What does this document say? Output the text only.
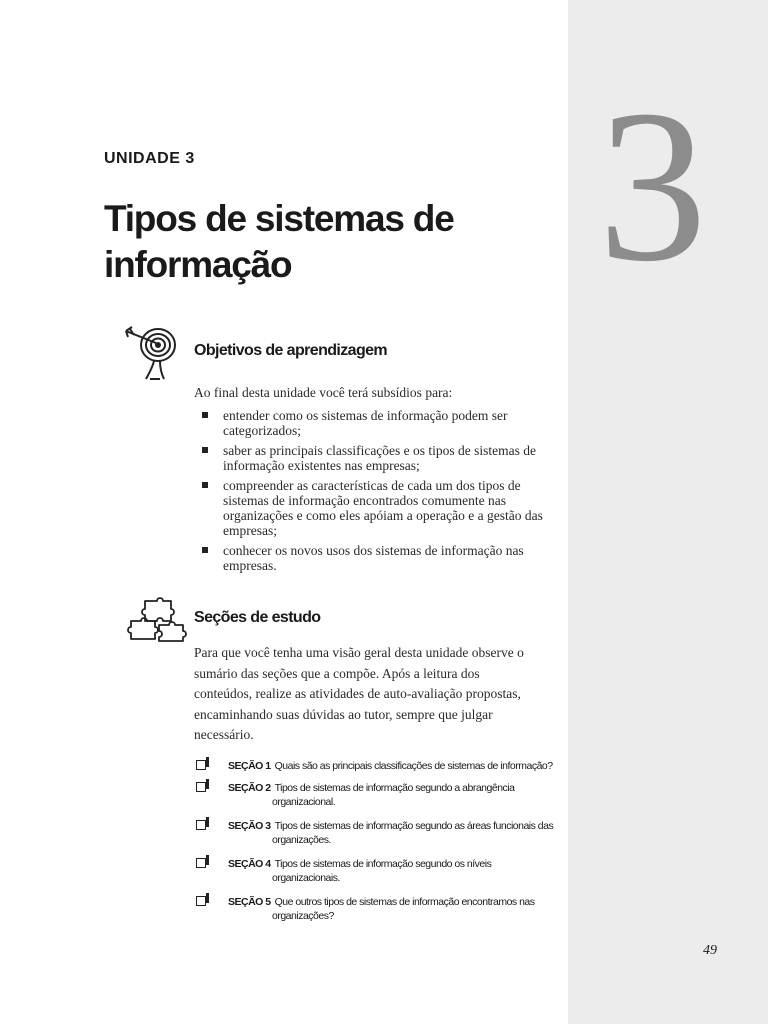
3
UNIDADE 3
Tipos de sistemas de informação
Objetivos de aprendizagem
Ao final desta unidade você terá subsídios para:
entender como os sistemas de informação podem ser categorizados;
saber as principais classificações e os tipos de sistemas de informação existentes nas empresas;
compreender as características de cada um dos tipos de sistemas de informação encontrados comumente nas organizações e como eles apóiam a operação e a gestão das empresas;
conhecer os novos usos dos sistemas de informação nas empresas.
Seções de estudo
Para que você tenha uma visão geral desta unidade observe o sumário das seções que a compõe. Após a leitura dos conteúdos, realize as atividades de auto-avaliação propostas, encaminhando suas dúvidas ao tutor, sempre que julgar necessário.
SEÇÃO 1 Quais são as principais classificações de sistemas de informação?
SEÇÃO 2 Tipos de sistemas de informação segundo a abrangência
organizacional.
SEÇÃO 3 Tipos de sistemas de informação segundo as áreas funcionais das
organizações.
SEÇÃO 4 Tipos de sistemas de informação segundo os níveis
organizacionais.
SEÇÃO 5 Que outros tipos de sistemas de informação encontramos nas
organizações?
49
